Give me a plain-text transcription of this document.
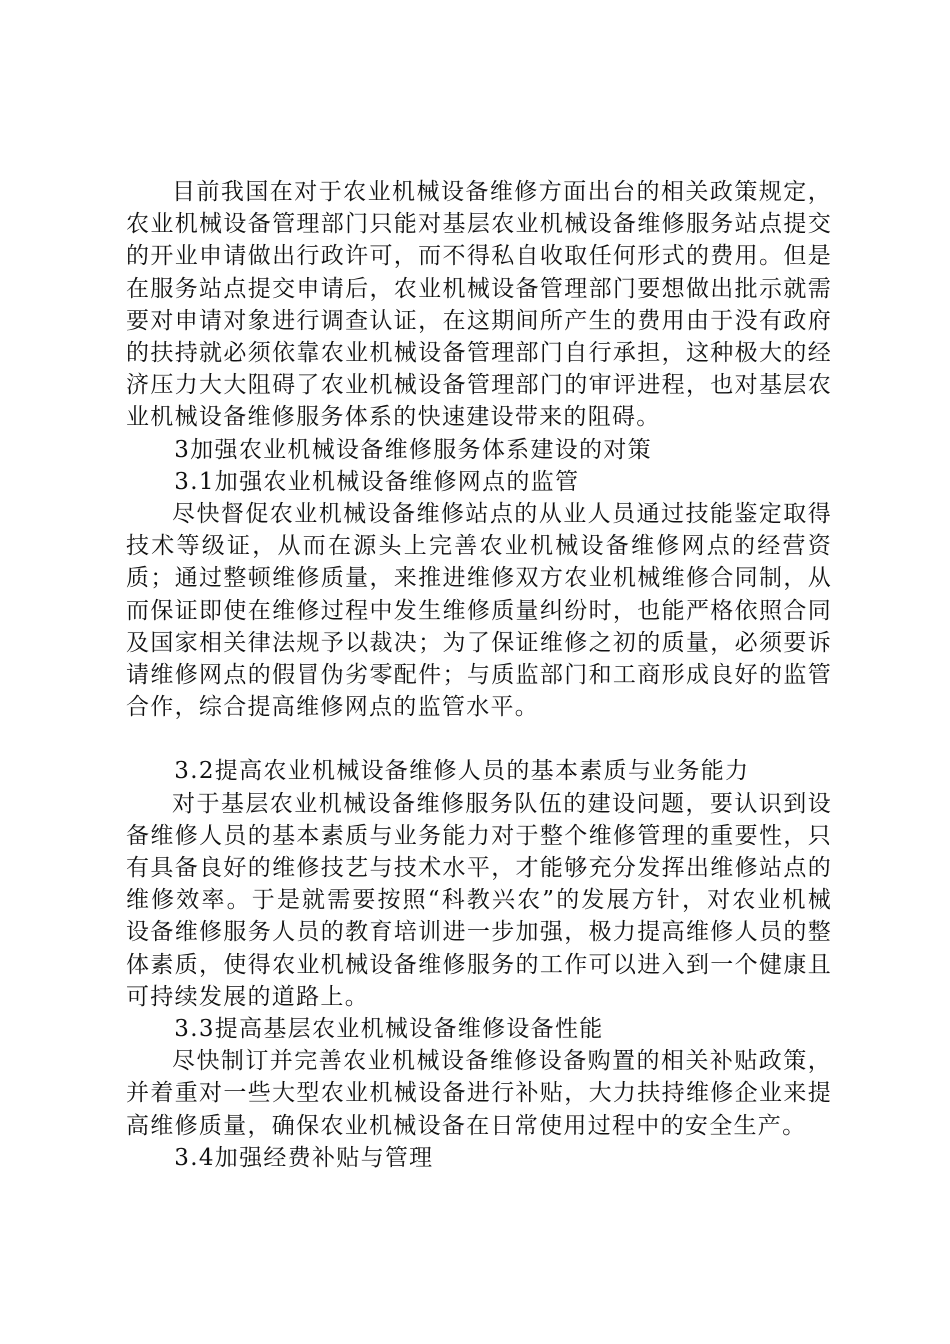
目前我国在对于农业机械设备维修方面出台的相关政策规定，农业机械设备管理部门只能对基层农业机械设备维修服务站点提交的开业申请做出行政许可，而不得私自收取任何形式的费用。但是在服务站点提交申请后，农业机械设备管理部门要想做出批示就需要对申请对象进行调查认证，在这期间所产生的费用由于没有政府的扶持就必须依靠农业机械设备管理部门自行承担，这种极大的经济压力大大阻碍了农业机械设备管理部门的审评进程，也对基层农业机械设备维修服务体系的快速建设带来的阻碍。

3加强农业机械设备维修服务体系建设的对策

3.1加强农业机械设备维修网点的监管

尽快督促农业机械设备维修站点的从业人员通过技能鉴定取得技术等级证，从而在源头上完善农业机械设备维修网点的经营资质；通过整顿维修质量，来推进维修双方农业机械维修合同制，从而保证即使在维修过程中发生维修质量纠纷时，也能严格依照合同及国家相关律法规予以裁决；为了保证维修之初的质量，必须要诉请维修网点的假冒伪劣零配件；与质监部门和工商形成良好的监管合作，综合提高维修网点的监管水平。

3.2提高农业机械设备维修人员的基本素质与业务能力

对于基层农业机械设备维修服务队伍的建设问题，要认识到设备维修人员的基本素质与业务能力对于整个维修管理的重要性，只有具备良好的维修技艺与技术水平，才能够充分发挥出维修站点的维修效率。于是就需要按照“科教兴农”的发展方针，对农业机械设备维修服务人员的教育培训进一步加强，极力提高维修人员的整体素质，使得农业机械设备维修服务的工作可以进入到一个健康且可持续发展的道路上。

3.3提高基层农业机械设备维修设备性能

尽快制订并完善农业机械设备维修设备购置的相关补贴政策，并着重对一些大型农业机械设备进行补贴，大力扶持维修企业来提高维修质量，确保农业机械设备在日常使用过程中的安全生产。

3.4加强经费补贴与管理
